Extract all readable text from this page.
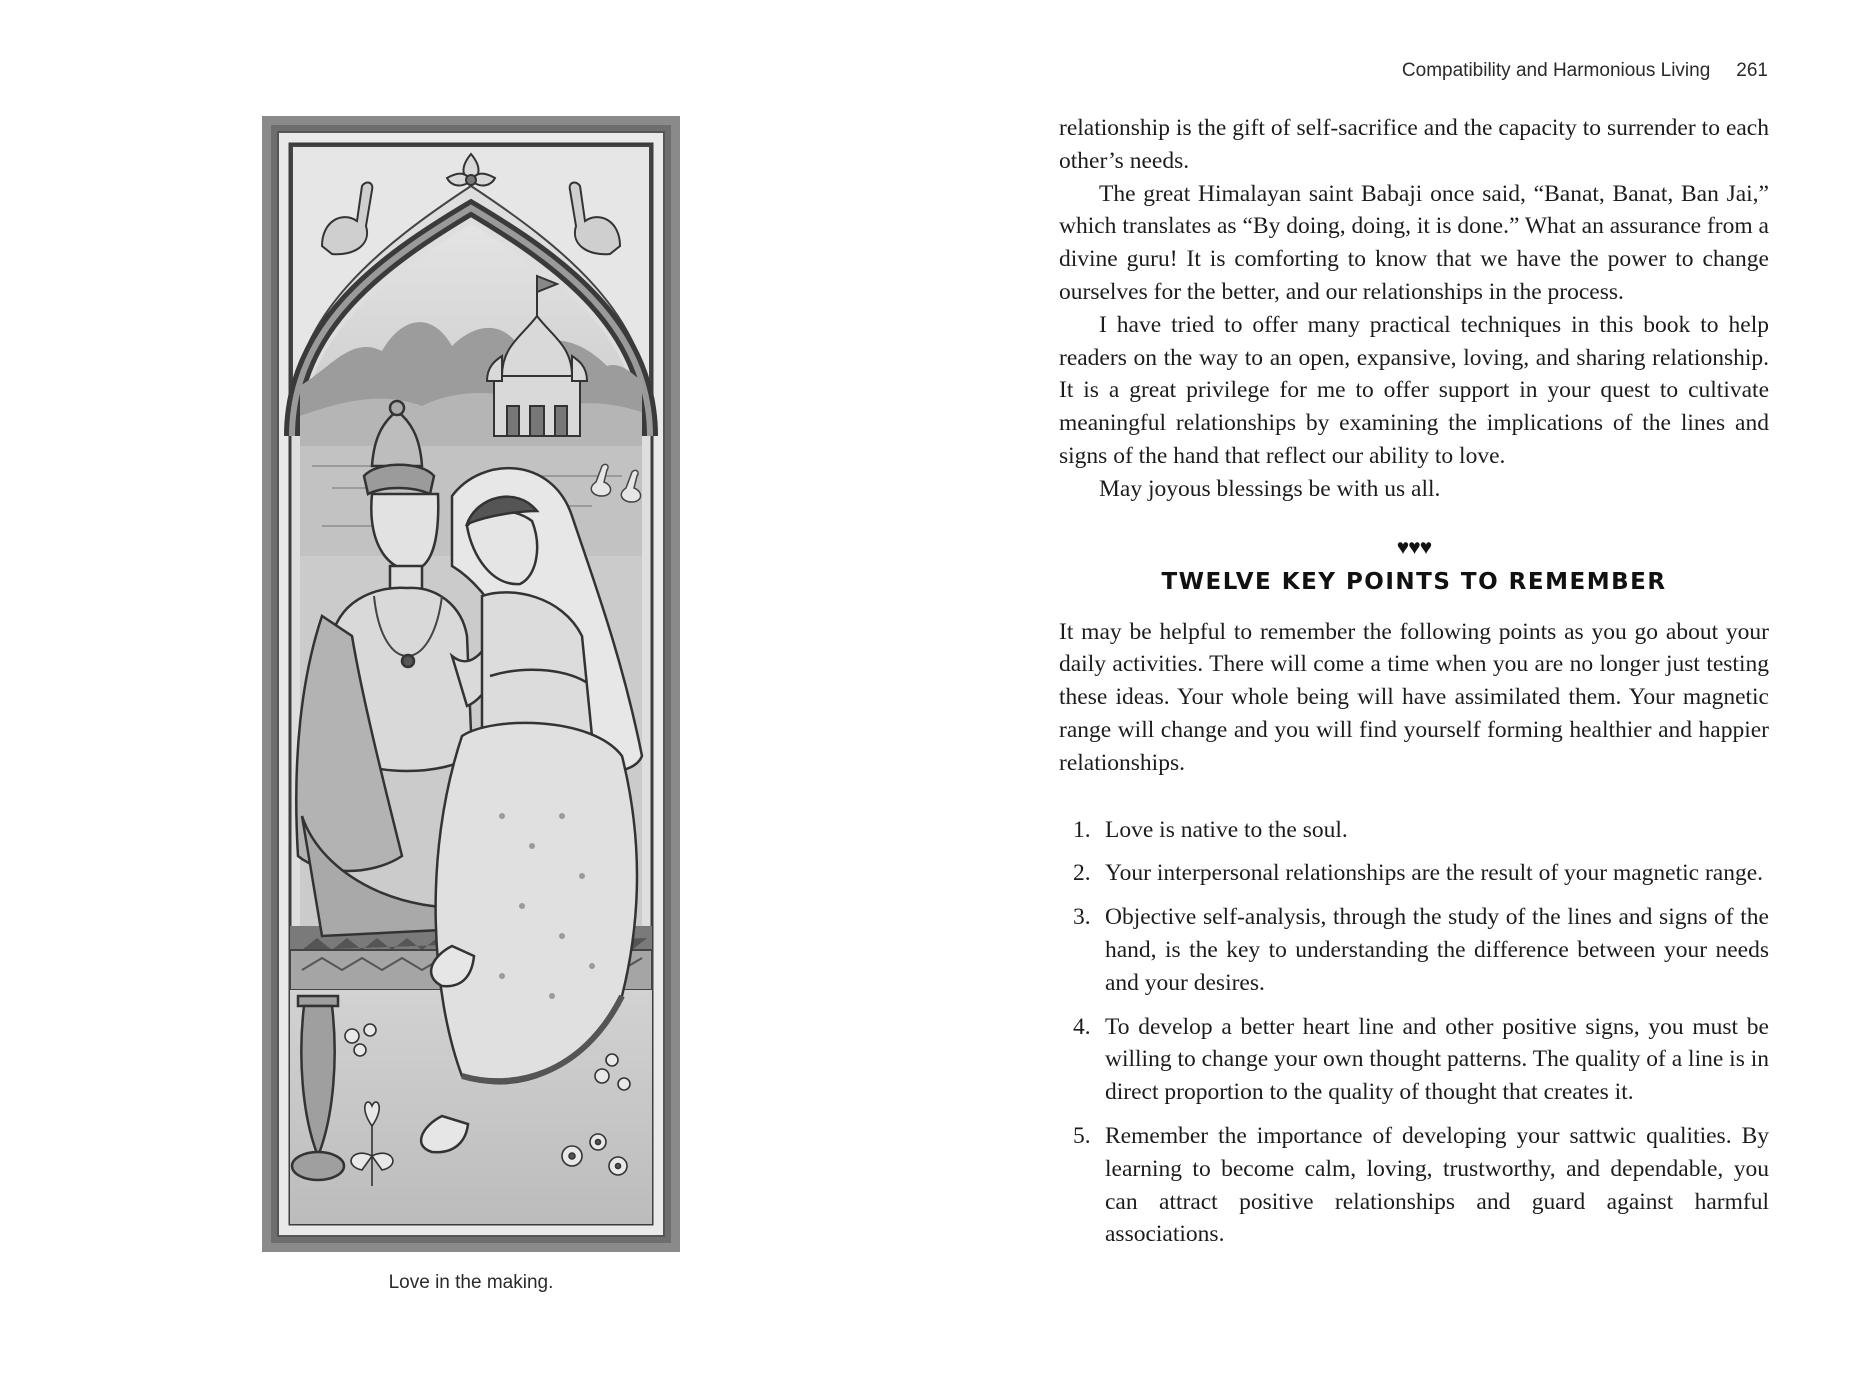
Love in the making.
Compatibility and Harmonious Living 261

relationship is the gift of self-sacrifice and the capacity to surrender to each other’s needs.

The great Himalayan saint Babaji once said, “Banat, Banat, Ban Jai,” which translates as “By doing, doing, it is done.” What an assurance from a divine guru! It is comforting to know that we have the power to change ourselves for the better, and our relationships in the process.

I have tried to offer many practical techniques in this book to help readers on the way to an open, expansive, loving, and sharing relationship. It is a great privilege for me to offer support in your quest to cultivate meaningful relationships by examining the implications of the lines and signs of the hand that reflect our ability to love.

May joyous blessings be with us all.

♥♥♥
TWELVE KEY POINTS TO REMEMBER

It may be helpful to remember the following points as you go about your daily activities. There will come a time when you are no longer just testing these ideas. Your whole being will have assimilated them. Your magnetic range will change and you will find yourself forming healthier and happier relationships.

1. Love is native to the soul.
2. Your interpersonal relationships are the result of your magnetic range.
3. Objective self-analysis, through the study of the lines and signs of the hand, is the key to understanding the difference between your needs and your desires.
4. To develop a better heart line and other positive signs, you must be willing to change your own thought patterns. The quality of a line is in direct proportion to the quality of thought that creates it.
5. Remember the importance of developing your sattwic qualities. By learning to become calm, loving, trustworthy, and dependable, you can attract positive relationships and guard against harmful associations.
